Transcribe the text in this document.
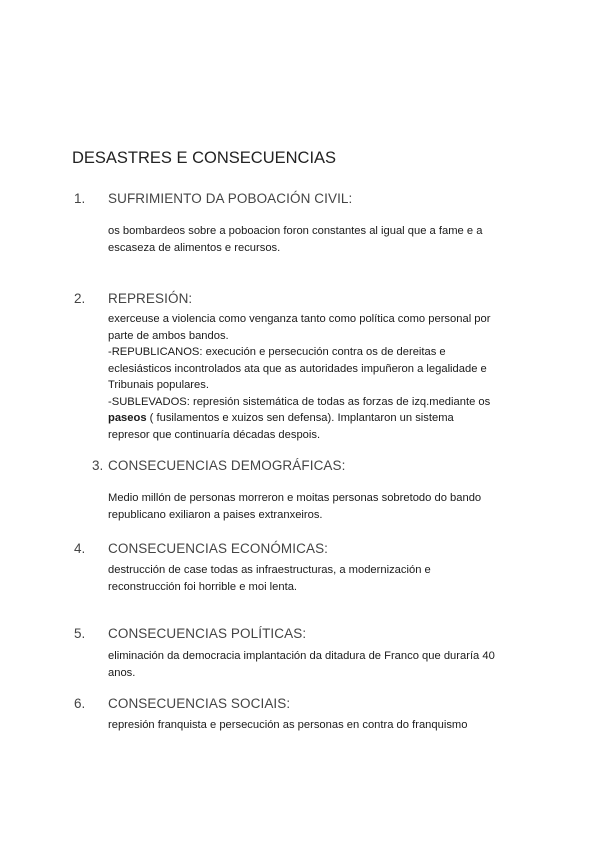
DESASTRES E CONSECUENCIAS
1. SUFRIMIENTO DA POBOACIÓN CIVIL:

os bombardeos sobre a poboacion foron constantes al igual que a fame e a

escaseza de alimentos e recursos.

2. REPRESIÓN:

exerceuse a violencia como venganza tanto como política como personal por

parte de ambos bandos.

-REPUBLICANOS: execución e persecución contra os de dereitas e

eclesiásticos incontrolados ata que as autoridades impuñeron a legalidade e

Tribunais populares.

-SUBLEVADOS: represión sistemática de todas as forzas de izq.mediante os

paseos ( fusilamentos e xuizos sen defensa). Implantaron un sistema

represor que continuaría décadas despois.

3. CONSECUENCIAS DEMOGRÁFICAS:

Medio millón de personas morreron e moitas personas sobretodo do bando

republicano exiliaron a paises extranxeiros.

4. CONSECUENCIAS ECONÓMICAS:

destrucción de case todas as infraestructuras, a modernización e

reconstrucción foi horrible e moi lenta.

5. CONSECUENCIAS POLÍTICAS:

eliminación da democracia implantación da ditadura de Franco que duraría 40

anos.

6. CONSECUENCIAS SOCIAIS:

represión franquista e persecución as personas en contra do franquismo
